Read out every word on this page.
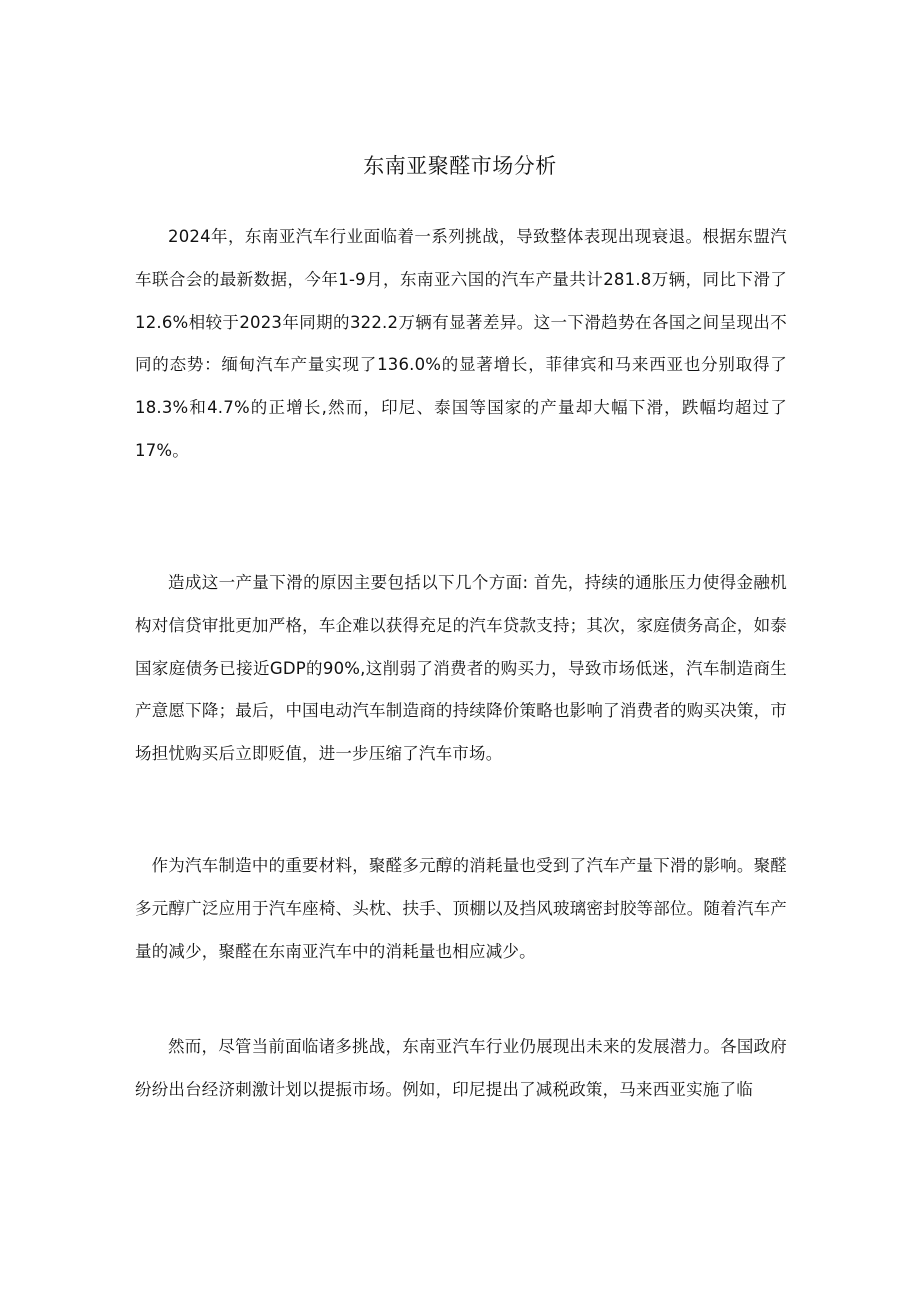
东南亚聚醛市场分析

2024年，东南亚汽车行业面临着一系列挑战，导致整体表现出现衰退。根据东盟汽车联合会的最新数据，今年1-9月，东南亚六国的汽车产量共计281.8万辆，同比下滑了12.6%相较于2023年同期的322.2万辆有显著差异。这一下滑趋势在各国之间呈现出不同的态势：缅甸汽车产量实现了136.0%的显著增长，菲律宾和马来西亚也分别取得了18.3%和4.7%的正增长,然而，印尼、泰国等国家的产量却大幅下滑，跌幅均超过了17%。

造成这一产量下滑的原因主要包括以下几个方面: 首先，持续的通胀压力使得金融机构对信贷审批更加严格，车企难以获得充足的汽车贷款支持；其次，家庭债务高企，如泰国家庭债务已接近GDP的90%,这削弱了消费者的购买力，导致市场低迷，汽车制造商生产意愿下降；最后，中国电动汽车制造商的持续降价策略也影响了消费者的购买决策，市场担忧购买后立即贬值，进一步压缩了汽车市场。

作为汽车制造中的重要材料，聚醛多元醇的消耗量也受到了汽车产量下滑的影响。聚醛多元醇广泛应用于汽车座椅、头枕、扶手、顶棚以及挡风玻璃密封胶等部位。随着汽车产量的减少，聚醛在东南亚汽车中的消耗量也相应减少。

然而，尽管当前面临诸多挑战，东南亚汽车行业仍展现出未来的发展潜力。各国政府纷纷出台经济刺激计划以提振市场。例如，印尼提出了减税政策，马来西亚实施了临
